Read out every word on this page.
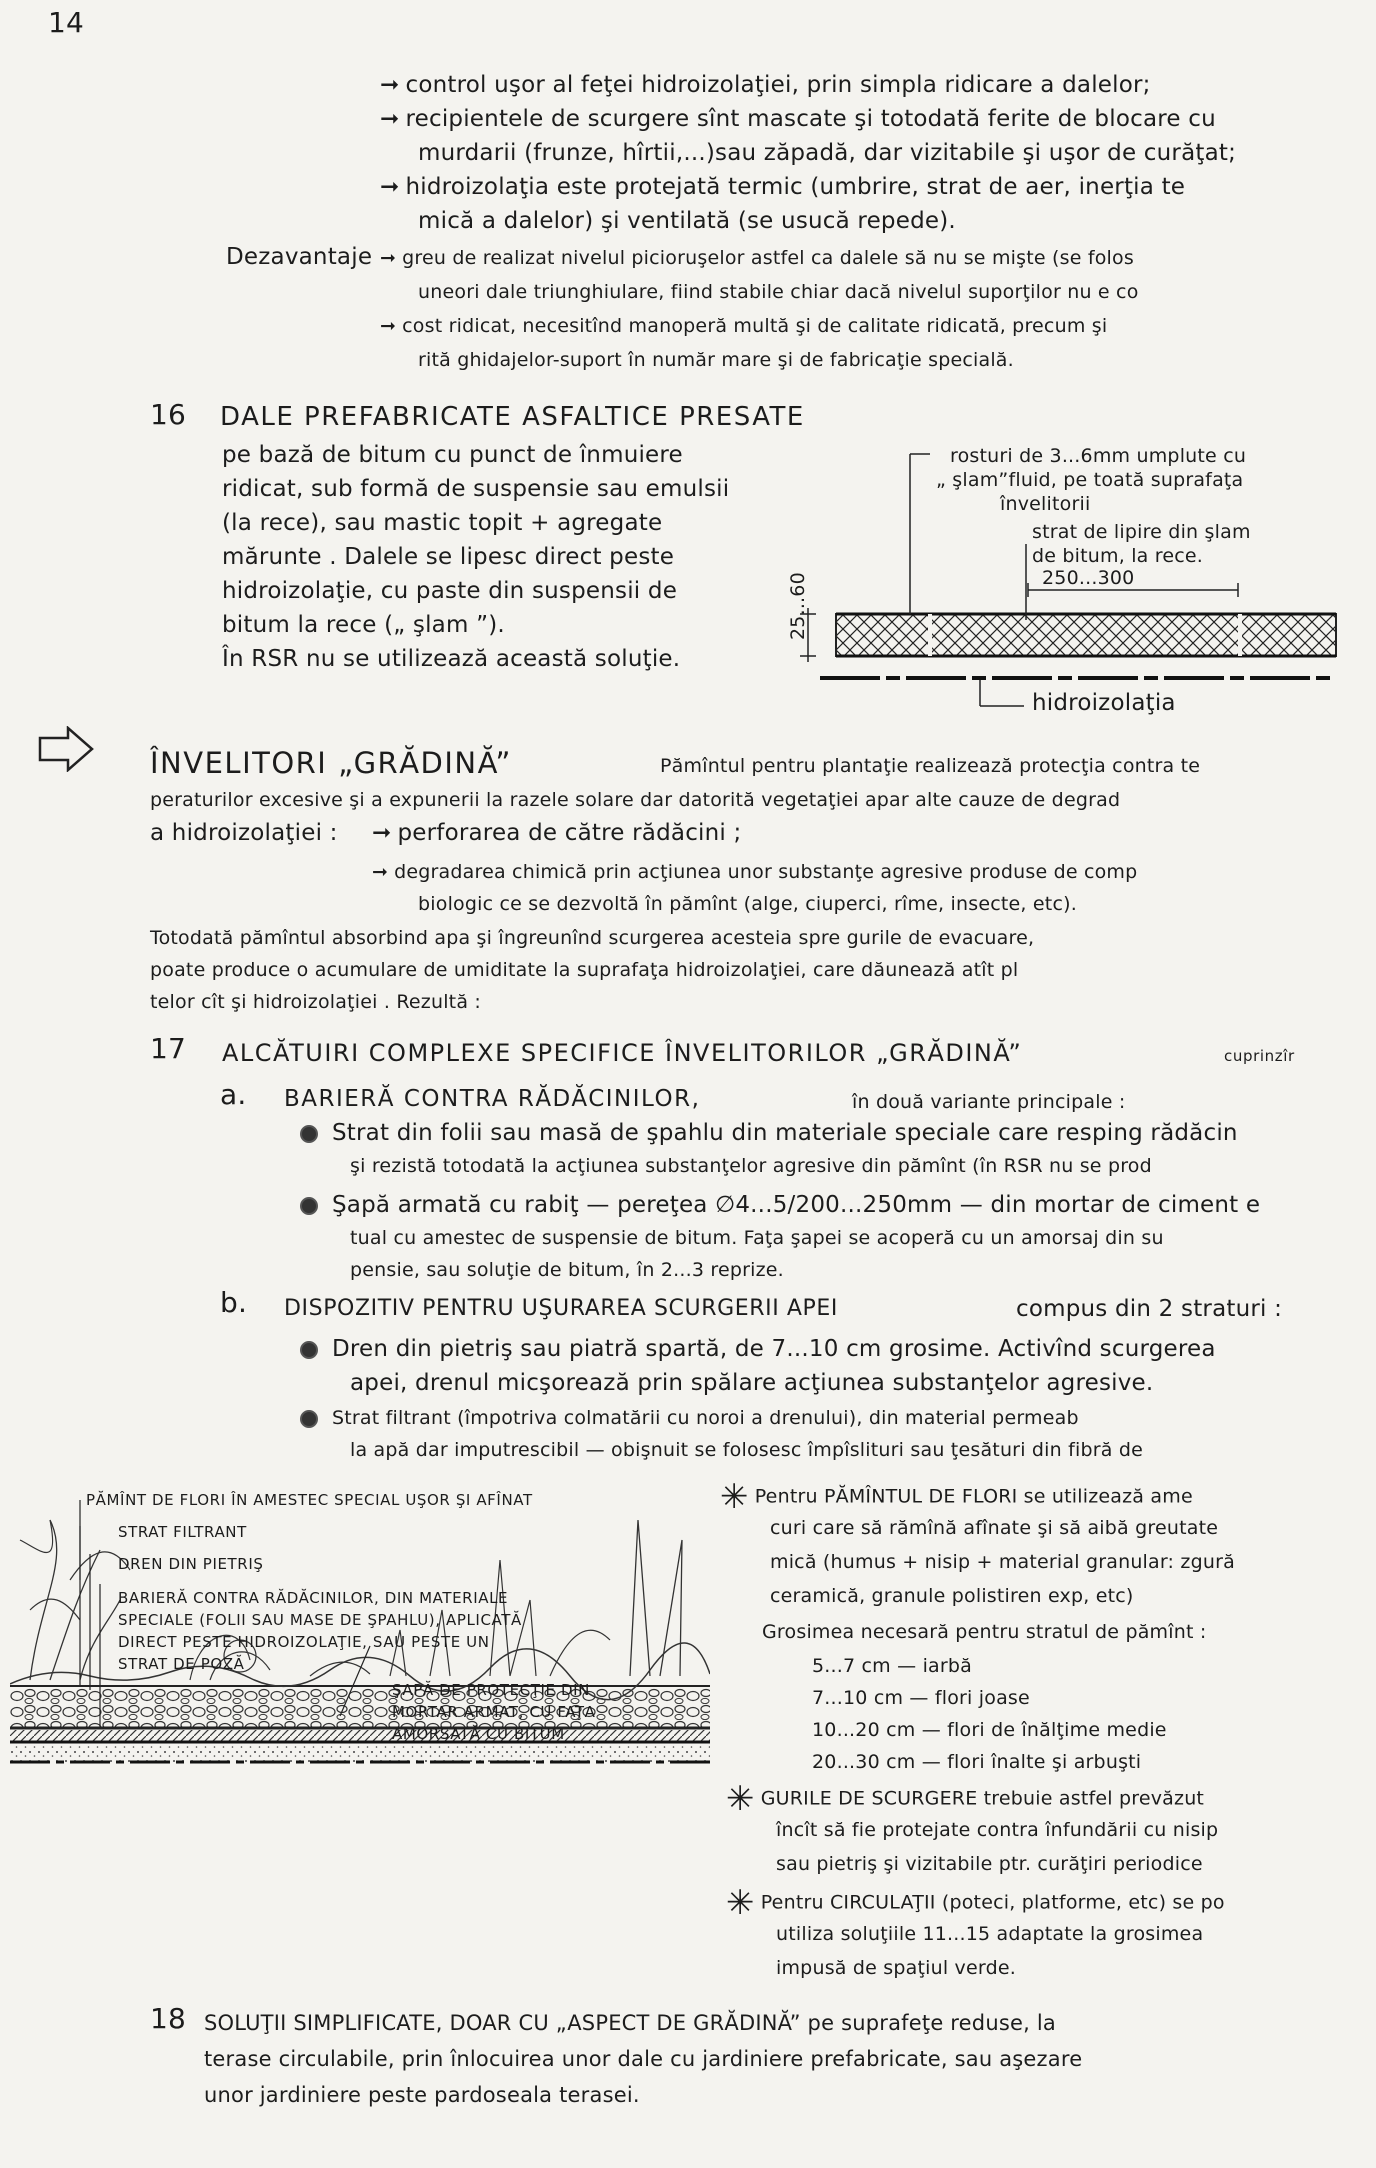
14
➞ control uşor al feţei hidroizolaţiei, prin simpla ridicare a dalelor;
➞ recipientele de scurgere sînt mascate şi totodată ferite de blocare cu
murdarii (frunze, hîrtii,...)sau zăpadă, dar vizitabile şi uşor de curăţat;
➞ hidroizolaţia este protejată termic (umbrire, strat de aer, inerţia te
mică a dalelor) şi ventilată (se usucă repede).
Dezavantaje ➞ greu de realizat nivelul picioruşelor astfel ca dalele să nu se mişte (se folos
uneori dale triunghiulare, fiind stabile chiar dacă nivelul suporţilor nu e co
➞ cost ridicat, necesitînd manoperă multă şi de calitate ridicată, precum şi
rită ghidajelor-suport în număr mare şi de fabricaţie specială.
16 DALE PREFABRICATE ASFALTICE PRESATE
pe bază de bitum cu punct de înmuiere
ridicat, sub formă de suspensie sau emulsii
(la rece), sau mastic topit + agregate
mărunte . Dalele se lipesc direct peste
hidroizolaţie, cu paste din suspensii de
bitum la rece („ şlam ”).
În RSR nu se utilizează această soluţie.
rosturi de 3...6mm umplute cu
„ şlam”fluid, pe toată suprafaţa
învelitorii
strat de lipire din şlam
de bitum, la rece.
250...300
25...60
hidroizolaţia
ÎNVELITORI „GRĂDINĂ”	Pămîntul pentru plantaţie realizează protecţia contra te
peraturilor excesive şi a expunerii la razele solare dar datorită vegetaţiei apar alte cauze de degrad
a hidroizolaţiei : ➞ perforarea de către rădăcini ;
➞ degradarea chimică prin acţiunea unor substanţe agresive produse de comp
biologic ce se dezvoltă în pămînt (alge, ciuperci, rîme, insecte, etc).
Totodată pămîntul absorbind apa şi îngreunînd scurgerea acesteia spre gurile de evacuare,
poate produce o acumulare de umiditate la suprafaţa hidroizolaţiei, care dăunează atît pl
telor cît şi hidroizolaţiei . Rezultă :
17 ALCĂTUIRI COMPLEXE SPECIFICE ÎNVELITORILOR „GRĂDINĂ”	cuprinzîr
a. BARIERĂ CONTRA RĂDĂCINILOR,	în două variante principale :
Strat din folii sau masă de şpahlu din materiale speciale care resping rădăcin
şi rezistă totodată la acţiunea substanţelor agresive din pămînt (în RSR nu se prod
Şapă armată cu rabiţ — pereţea ∅4...5/200...250mm — din mortar de ciment e
tual cu amestec de suspensie de bitum. Faţa şapei se acoperă cu un amorsaj din su
pensie, sau soluţie de bitum, în 2...3 reprize.
b. DISPOZITIV PENTRU UŞURAREA SCURGERII APEI	compus din 2 straturi :
Dren din pietriş sau piatră spartă, de 7...10 cm grosime. Activînd scurgerea
apei, drenul micşorează prin spălare acţiunea substanţelor agresive.
Strat filtrant (împotriva colmatării cu noroi a drenului), din material permeab
la apă dar imputrescibil — obişnuit se folosesc împîslituri sau ţesături din fibră de
PĂMÎNT DE FLORI ÎN AMESTEC SPECIAL UŞOR ŞI AFÎNAT
STRAT FILTRANT
DREN DIN PIETRIŞ
BARIERĂ CONTRA RĂDĂCINILOR, DIN MATERIALE
SPECIALE (FOLII SAU MASE DE ŞPAHLU), APLICATĂ
DIRECT PESTE HIDROIZOLAŢIE, SAU PESTE UN
STRAT DE POZĂ
ŞAPĂ DE PROTECŢIE DIN
MORTAR ARMAT, CU FAŢA
AMORSATĂ CU BITUM
✳ Pentru PĂMÎNTUL DE FLORI se utilizează ame
curi care să rămînă afînate şi să aibă greutate
mică (humus + nisip + material granular: zgură
ceramică, granule polistiren exp, etc)
Grosimea necesară pentru stratul de pămînt :
5...7 cm — iarbă
7...10 cm — flori joase
10...20 cm — flori de înălţime medie
20...30 cm — flori înalte şi arbuşti
✳ GURILE DE SCURGERE trebuie astfel prevăzut
încît să fie protejate contra înfundării cu nisip
sau pietriş şi vizitabile ptr. curăţiri periodice
✳ Pentru CIRCULAŢII (poteci, platforme, etc) se po
utiliza soluţiile 11...15 adaptate la grosimea
impusă de spaţiul verde.
18 SOLUŢII SIMPLIFICATE, DOAR CU „ASPECT DE GRĂDINĂ” pe suprafeţe reduse, la
terase circulabile, prin înlocuirea unor dale cu jardiniere prefabricate, sau aşezare
unor jardiniere peste pardoseala terasei.
